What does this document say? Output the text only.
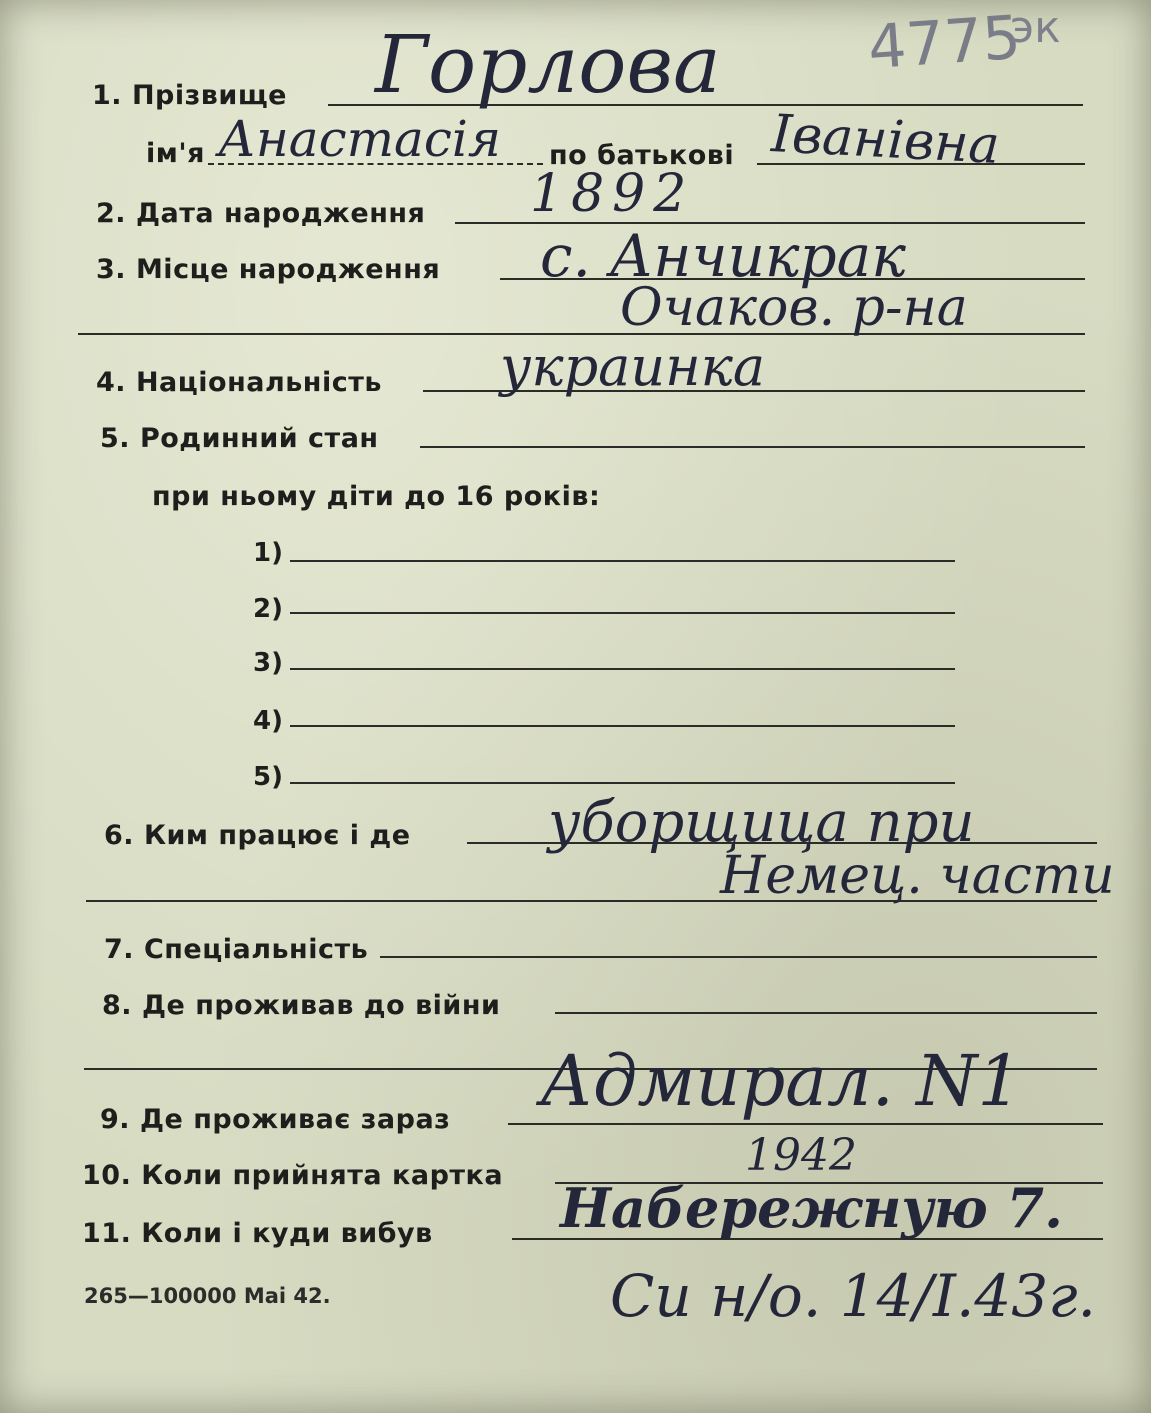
4775
эк
1. Прізвище Горлова
ім'я Анастасія по батькові Іванівна
2. Дата народження 1892
3. Місце народження с. Анчикрак
Очаков. р-на
4. Національність украинка
5. Родинний стан
при ньому діти до 16 років:
1)
2)
3)
4)
5)
6. Ким працює і де уборщица при
Немец. части
7. Спеціальність
8. Де проживав до війни
9. Де проживає зараз Адмирал. N1
10. Коли прийнята картка	1942
11. Коли і куди вибув Набережную 7.
Си н/о. 14/I.43г.
265—100000 Mai 42.
